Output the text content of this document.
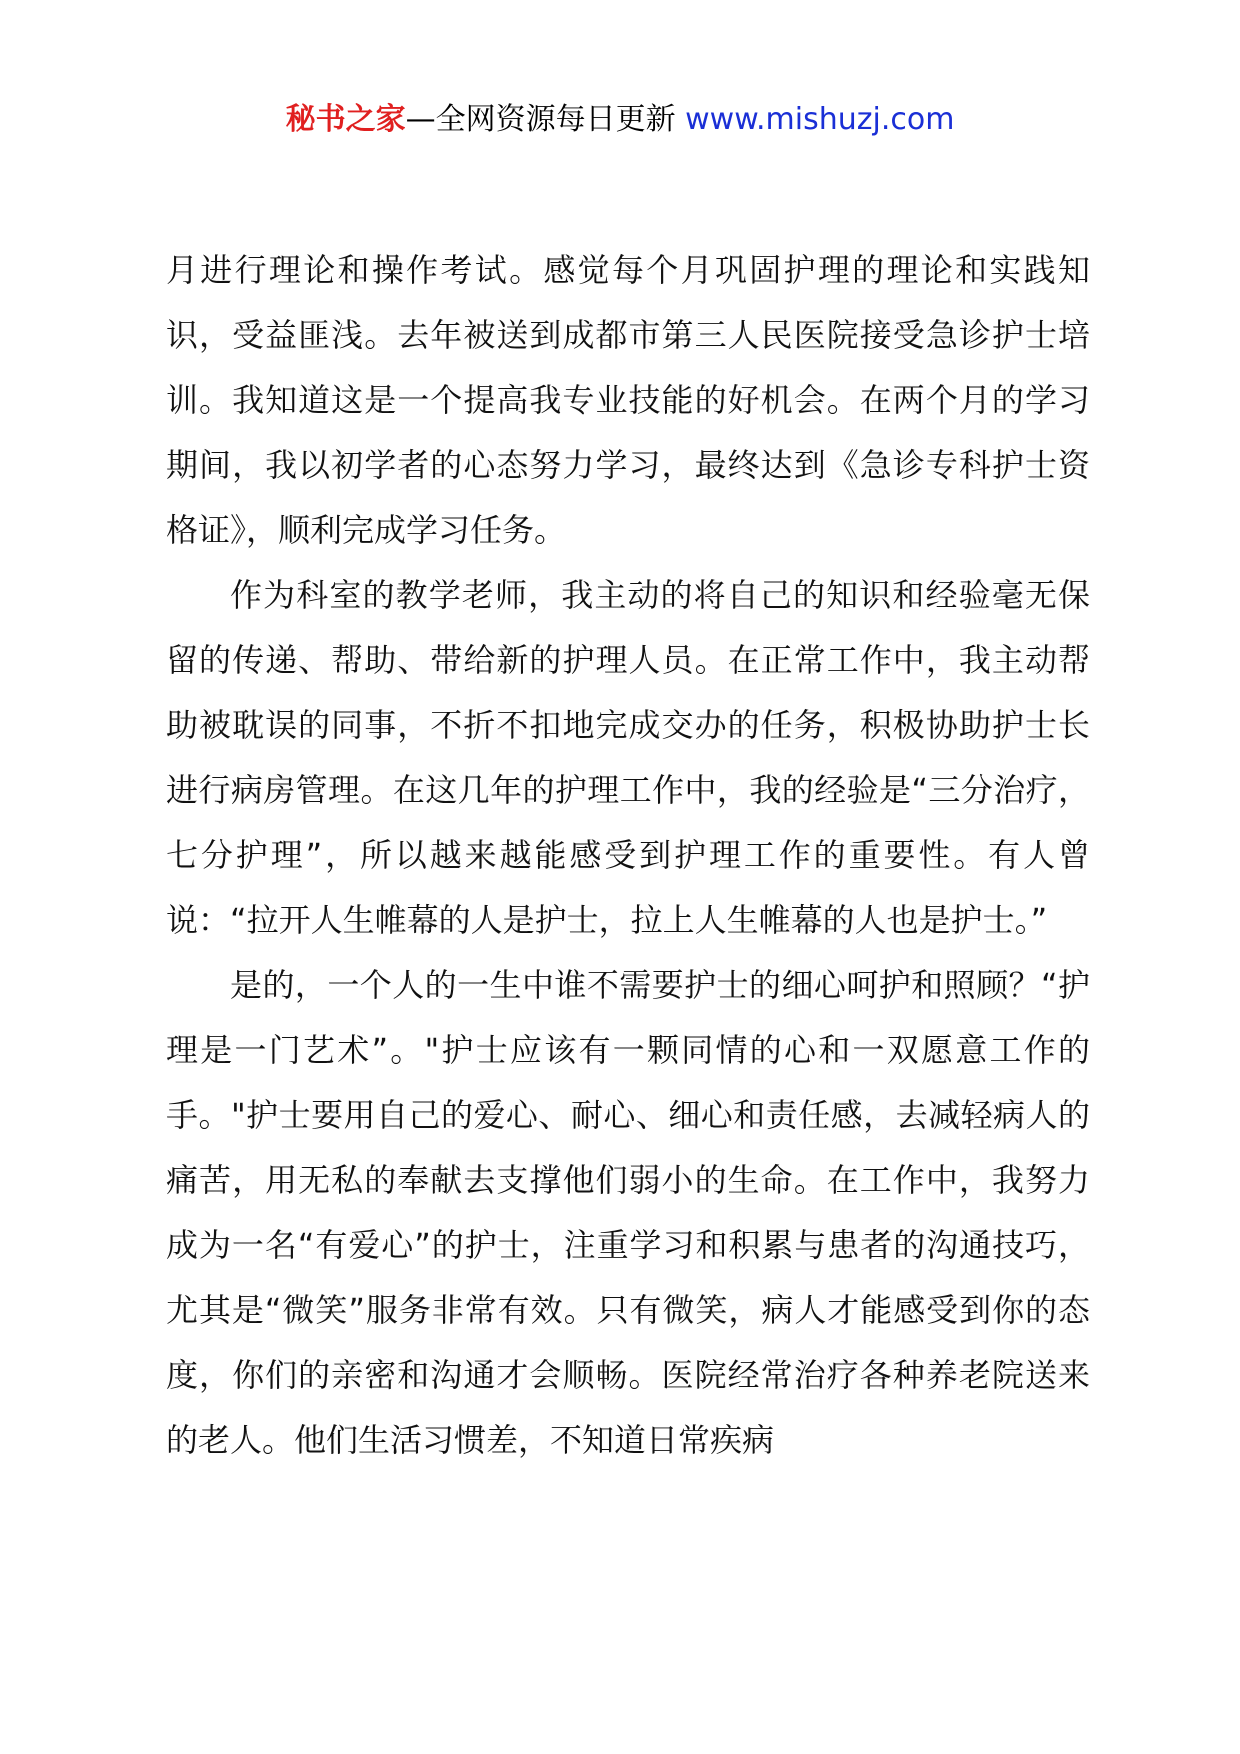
秘书之家—全网资源每日更新 www.mishuzj.com

月进行理论和操作考试。感觉每个月巩固护理的理论和实践知识，受益匪浅。去年被送到成都市第三人民医院接受急诊护士培训。我知道这是一个提高我专业技能的好机会。在两个月的学习期间，我以初学者的心态努力学习，最终达到《急诊专科护士资格证》，顺利完成学习任务。

作为科室的教学老师，我主动的将自己的知识和经验毫无保留的传递、帮助、带给新的护理人员。在正常工作中，我主动帮助被耽误的同事，不折不扣地完成交办的任务，积极协助护士长进行病房管理。在这几年的护理工作中，我的经验是“三分治疗，七分护理”，所以越来越能感受到护理工作的重要性。有人曾说：“拉开人生帷幕的人是护士，拉上人生帷幕的人也是护士。”

是的，一个人的一生中谁不需要护士的细心呵护和照顾？“护理是一门艺术”。"护士应该有一颗同情的心和一双愿意工作的手。"护士要用自己的爱心、耐心、细心和责任感，去减轻病人的痛苦，用无私的奉献去支撑他们弱小的生命。在工作中，我努力成为一名“有爱心”的护士，注重学习和积累与患者的沟通技巧，尤其是“微笑”服务非常有效。只有微笑，病人才能感受到你的态度，你们的亲密和沟通才会顺畅。医院经常治疗各种养老院送来的老人。他们生活习惯差，不知道日常疾病
